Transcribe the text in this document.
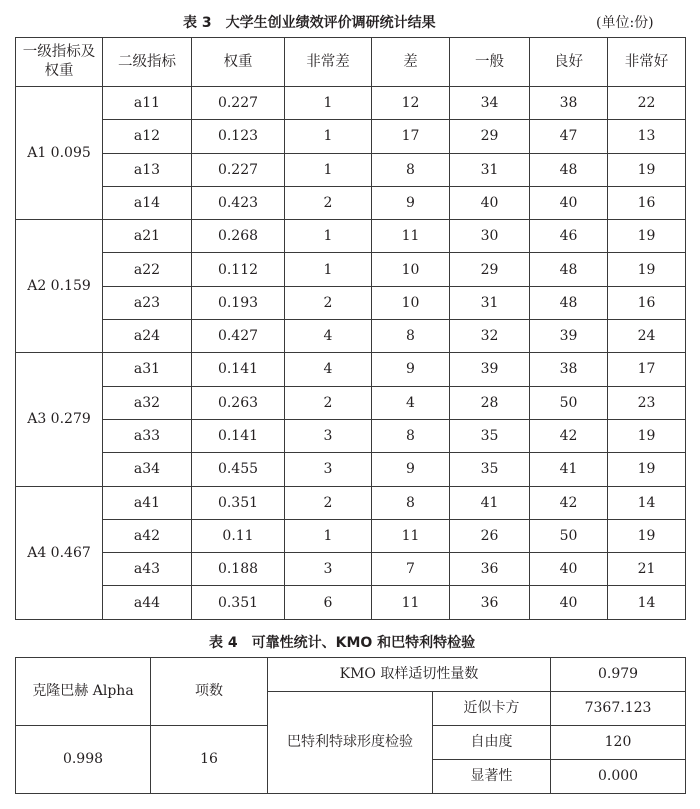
表 3　大学生创业绩效评价调研统计结果	(单位:份)
一级指标及权重	二级指标	权重	非常差	差	一般	良好	非常好
A1 0.095	a11	0.227	1	12	34	38	22
	a12	0.123	1	17	29	47	13
	a13	0.227	1	8	31	48	19
	a14	0.423	2	9	40	40	16
A2 0.159	a21	0.268	1	11	30	46	19
	a22	0.112	1	10	29	48	19
	a23	0.193	2	10	31	48	16
	a24	0.427	4	8	32	39	24
A3 0.279	a31	0.141	4	9	39	38	17
	a32	0.263	2	4	28	50	23
	a33	0.141	3	8	35	42	19
	a34	0.455	3	9	35	41	19
A4 0.467	a41	0.351	2	8	41	42	14
	a42	0.11	1	11	26	50	19
	a43	0.188	3	7	36	40	21
	a44	0.351	6	11	36	40	14
表 4　可靠性统计、KMO 和巴特利特检验
克隆巴赫 Alpha	项数	KMO 取样适切性量数		0.979
		巴特利特球形度检验	近似卡方	7367.123
0.998	16		自由度	120
			显著性	0.000
